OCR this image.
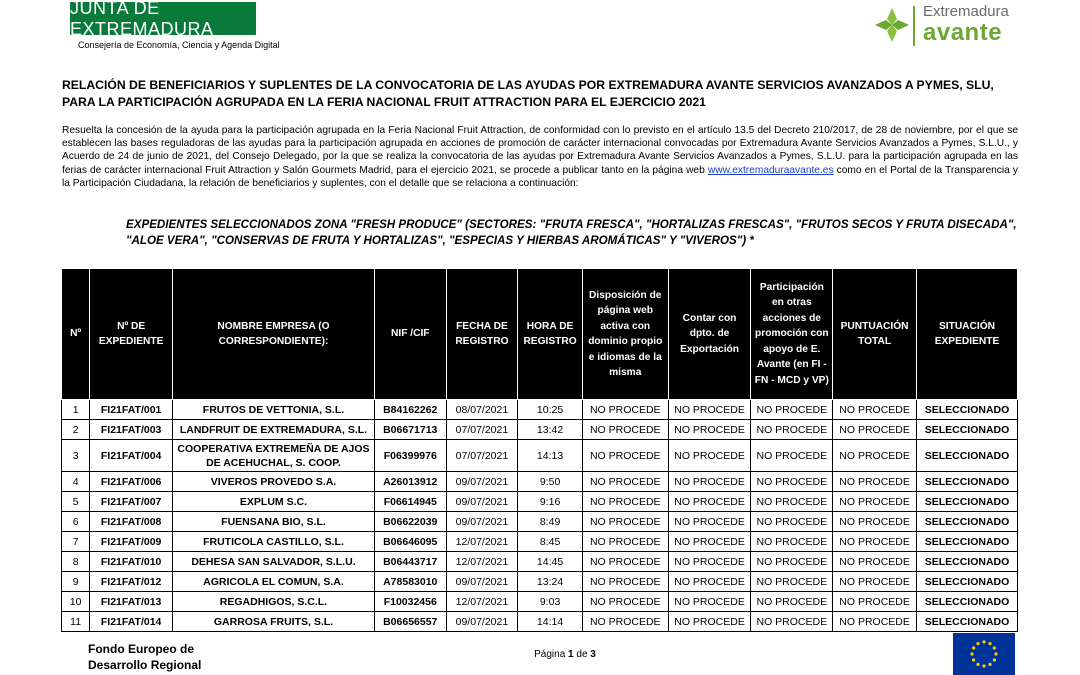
JUNTA DE EXTREMADURA
Consejería de Economía, Ciencia y Agenda Digital
Extremadura
avante
RELACIÓN DE BENEFICIARIOS Y SUPLENTES DE LA CONVOCATORIA DE LAS AYUDAS POR EXTREMADURA AVANTE SERVICIOS AVANZADOS A PYMES, SLU, PARA LA PARTICIPACIÓN AGRUPADA EN LA FERIA NACIONAL FRUIT ATTRACTION PARA EL EJERCICIO 2021
Resuelta la concesión de la ayuda para la participación agrupada en la Feria Nacional Fruit Attraction, de conformidad con lo previsto en el artículo 13.5 del Decreto 210/2017, de 28 de noviembre, por el que se establecen las bases reguladoras de las ayudas para la participación agrupada en acciones de promoción de carácter internacional convocadas por Extremadura Avante Servicios Avanzados a Pymes, S.L.U., y Acuerdo de 24 de junio de 2021, del Consejo Delegado, por la que se realiza la convocatoria de las ayudas por Extremadura Avante Servicios Avanzados a Pymes, S.L.U. para la participación agrupada en las ferias de carácter internacional Fruit Attraction y Salón Gourmets Madrid, para el ejercicio 2021, se procede a publicar tanto en la página web www.extremaduraavante.es como en el Portal de la Transparencia y la Participación Ciudadana, la relación de beneficiarios y suplentes, con el detalle que se relaciona a continuación:
EXPEDIENTES SELECCIONADOS ZONA "FRESH PRODUCE" (SECTORES: "FRUTA FRESCA", "HORTALIZAS FRESCAS", "FRUTOS SECOS Y FRUTA DISECADA", "ALOE VERA", "CONSERVAS DE FRUTA Y HORTALIZAS", "ESPECIAS Y HIERBAS AROMÁTICAS" Y "VIVEROS") *
Nº	Nº DE EXPEDIENTE	NOMBRE EMPRESA (O CORRESPONDIENTE):	NIF /CIF	FECHA DE REGISTRO	HORA DE REGISTRO	Disposición de página web activa con dominio propio e idiomas de la misma	Contar con dpto. de Exportación	Participación en otras acciones de promoción con apoyo de E. Avante (en FI - FN - MCD y VP)	PUNTUACIÓN TOTAL	SITUACIÓN EXPEDIENTE
1	FI21FAT/001	FRUTOS DE VETTONIA, S.L.	B84162262	08/07/2021	10:25	NO PROCEDE	NO PROCEDE	NO PROCEDE	NO PROCEDE	SELECCIONADO
2	FI21FAT/003	LANDFRUIT DE EXTREMADURA, S.L.	B06671713	07/07/2021	13:42	NO PROCEDE	NO PROCEDE	NO PROCEDE	NO PROCEDE	SELECCIONADO
3	FI21FAT/004	COOPERATIVA EXTREMEÑA DE AJOS DE ACEHUCHAL, S. COOP.	F06399976	07/07/2021	14:13	NO PROCEDE	NO PROCEDE	NO PROCEDE	NO PROCEDE	SELECCIONADO
4	FI21FAT/006	VIVEROS PROVEDO S.A.	A26013912	09/07/2021	9:50	NO PROCEDE	NO PROCEDE	NO PROCEDE	NO PROCEDE	SELECCIONADO
5	FI21FAT/007	EXPLUM S.C.	F06614945	09/07/2021	9:16	NO PROCEDE	NO PROCEDE	NO PROCEDE	NO PROCEDE	SELECCIONADO
6	FI21FAT/008	FUENSANA BIO, S.L.	B06622039	09/07/2021	8:49	NO PROCEDE	NO PROCEDE	NO PROCEDE	NO PROCEDE	SELECCIONADO
7	FI21FAT/009	FRUTICOLA CASTILLO, S.L.	B06646095	12/07/2021	8:45	NO PROCEDE	NO PROCEDE	NO PROCEDE	NO PROCEDE	SELECCIONADO
8	FI21FAT/010	DEHESA SAN SALVADOR, S.L.U.	B06443717	12/07/2021	14:45	NO PROCEDE	NO PROCEDE	NO PROCEDE	NO PROCEDE	SELECCIONADO
9	FI21FAT/012	AGRICOLA EL COMUN, S.A.	A78583010	09/07/2021	13:24	NO PROCEDE	NO PROCEDE	NO PROCEDE	NO PROCEDE	SELECCIONADO
10	FI21FAT/013	REGADHIGOS, S.C.L.	F10032456	12/07/2021	9:03	NO PROCEDE	NO PROCEDE	NO PROCEDE	NO PROCEDE	SELECCIONADO
11	FI21FAT/014	GARROSA FRUITS, S.L.	B06656557	09/07/2021	14:14	NO PROCEDE	NO PROCEDE	NO PROCEDE	NO PROCEDE	SELECCIONADO
Fondo Europeo de
Desarrollo Regional
Página 1 de 3
